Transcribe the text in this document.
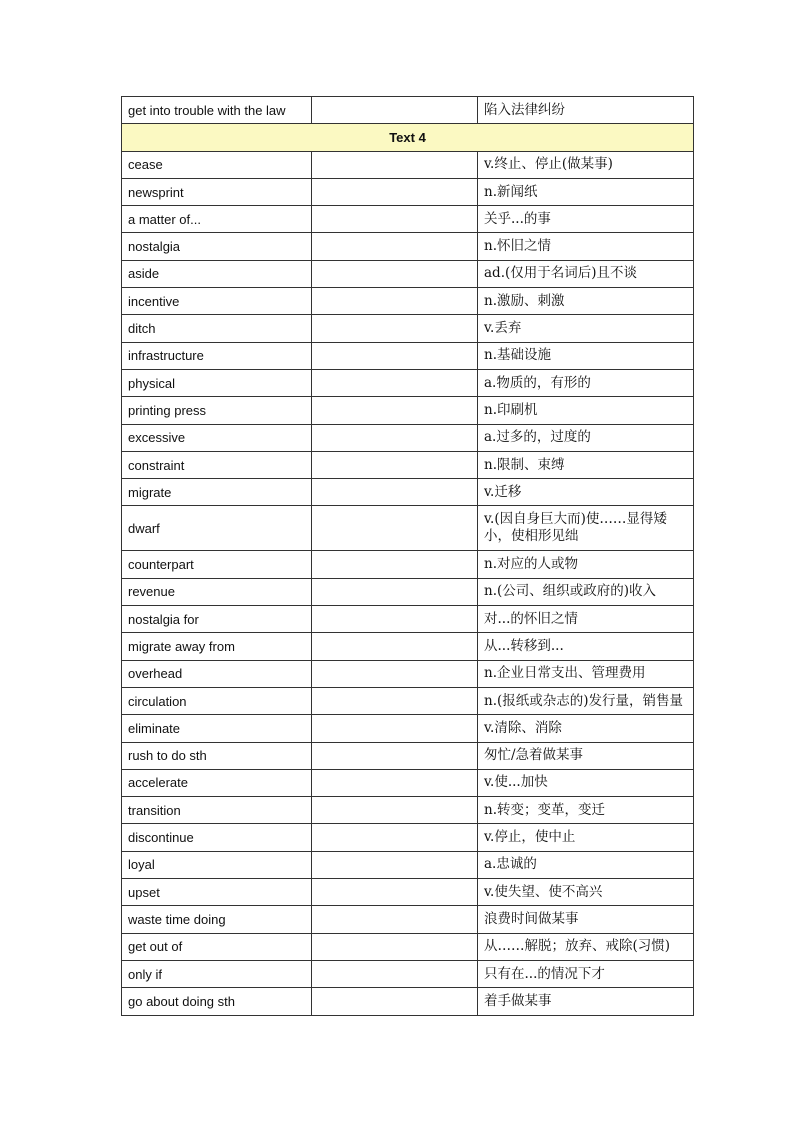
get into trouble with the law		陷入法律纠纷
Text 4		
cease		v.终止、停止(做某事)
newsprint		n.新闻纸
a matter of...		关乎...的事
nostalgia		n.怀旧之情
aside		ad.(仅用于名词后)且不谈
incentive		n.激励、刺激
ditch		v.丢弃
infrastructure		n.基础设施
physical		a.物质的，有形的
printing press		n.印刷机
excessive		a.过多的，过度的
constraint		n.限制、束缚
migrate		v.迁移
dwarf		v.(因自身巨大而)使……显得矮小，使相形见绌
counterpart		n.对应的人或物
revenue		n.(公司、组织或政府的)收入
nostalgia for		对...的怀旧之情
migrate away from		从...转移到...
overhead		n.企业日常支出、管理费用
circulation		n.(报纸或杂志的)发行量，销售量
eliminate		v.清除、消除
rush to do sth		匆忙/急着做某事
accelerate		v.使...加快
transition		n.转变；变革，变迁
discontinue		v.停止，使中止
loyal		a.忠诚的
upset		v.使失望、使不高兴
waste time doing		浪费时间做某事
get out of		从……解脱；放弃、戒除(习惯)
only if		只有在...的情况下才
go about doing sth		着手做某事
